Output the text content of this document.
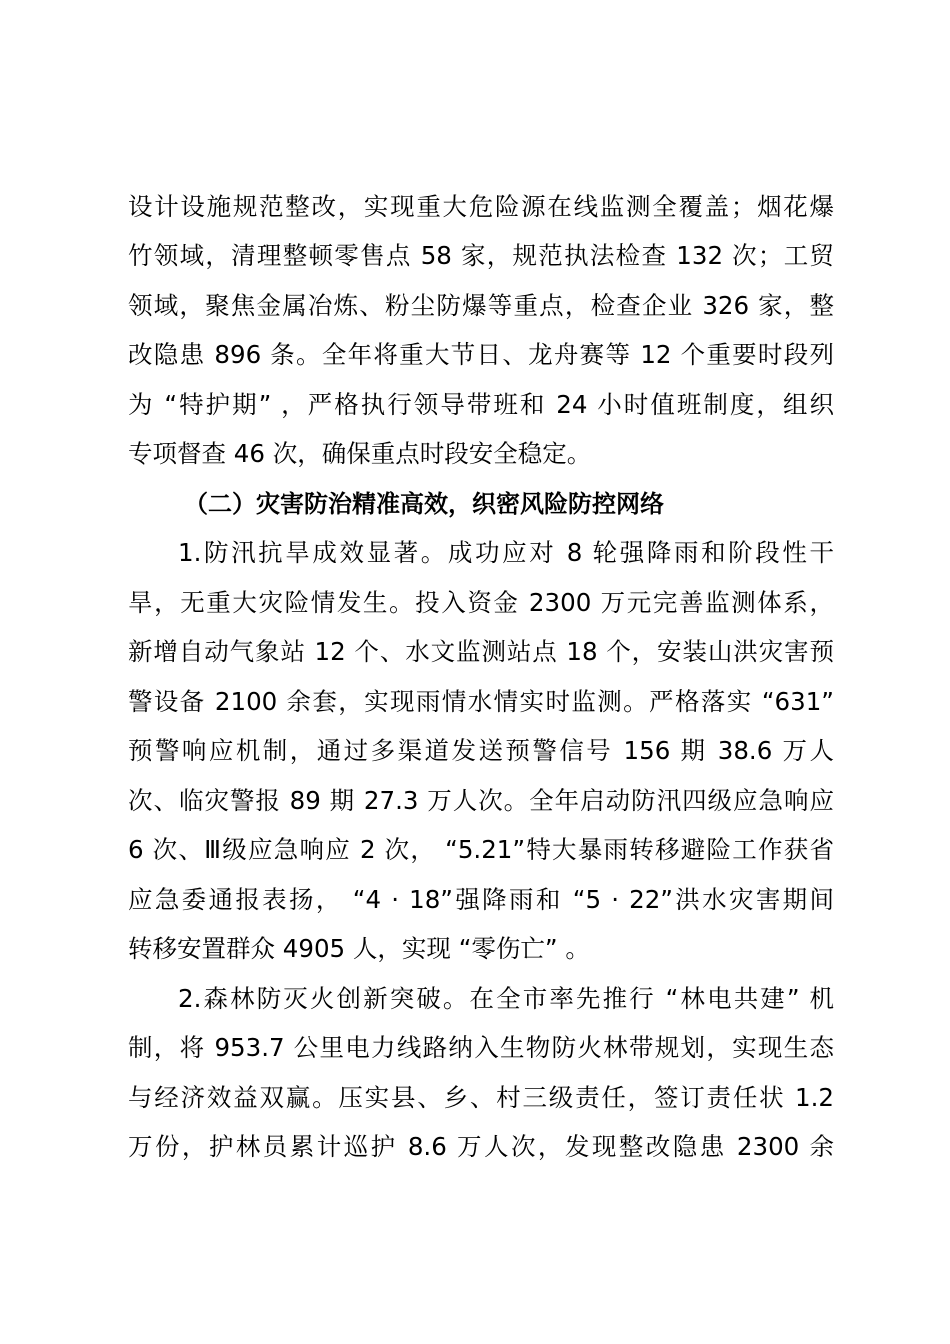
设计设施规范整改，实现重大危险源在线监测全覆盖；烟花爆
竹领域，清理整顿零售点 58 家，规范执法检查 132 次；工贸
领域，聚焦金属冶炼、粉尘防爆等重点，检查企业 326 家，整
改隐患 896 条。全年将重大节日、龙舟赛等 12 个重要时段列
为 “特护期” ，严格执行领导带班和 24 小时值班制度，组织
专项督查 46 次，确保重点时段安全稳定。
（二）灾害防治精准高效，织密风险防控网络
1.防汛抗旱成效显著。成功应对 8 轮强降雨和阶段性干
旱，无重大灾险情发生。投入资金 2300 万元完善监测体系，
新增自动气象站 12 个、水文监测站点 18 个，安装山洪灾害预
警设备 2100 余套，实现雨情水情实时监测。严格落实 “631”
预警响应机制，通过多渠道发送预警信号 156 期 38.6 万人
次、临灾警报 89 期 27.3 万人次。全年启动防汛四级应急响应
6 次、Ⅲ级应急响应 2 次， “5.21”特大暴雨转移避险工作获省
应急委通报表扬， “4 · 18”强降雨和 “5 · 22”洪水灾害期间
转移安置群众 4905 人，实现 “零伤亡” 。
2.森林防灭火创新突破。在全市率先推行 “林电共建” 机
制，将 953.7 公里电力线路纳入生物防火林带规划，实现生态
与经济效益双赢。压实县、乡、村三级责任，签订责任状 1.2
万份，护林员累计巡护 8.6 万人次，发现整改隐患 2300 余
